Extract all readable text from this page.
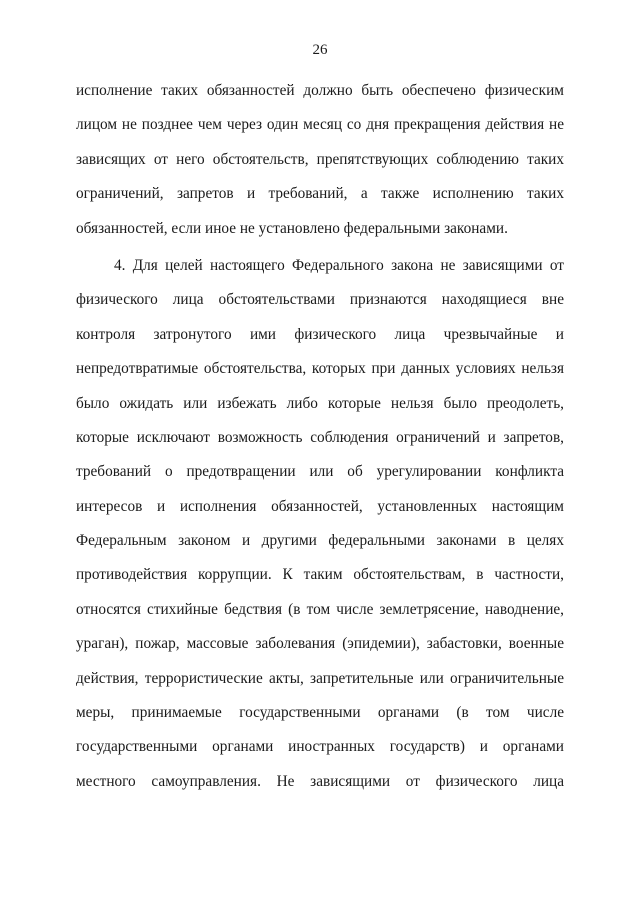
26
исполнение таких обязанностей должно быть обеспечено физическим
лицом не позднее чем через один месяц со дня прекращения действия не
зависящих от него обстоятельств, препятствующих соблюдению таких
ограничений, запретов и требований, а также исполнению таких
обязанностей, если иное не установлено федеральными законами.
4. Для целей настоящего Федерального закона не зависящими от
физического лица обстоятельствами признаются находящиеся вне
контроля затронутого ими физического лица чрезвычайные и
непредотвратимые обстоятельства, которых при данных условиях нельзя
было ожидать или избежать либо которые нельзя было преодолеть,
которые исключают возможность соблюдения ограничений и запретов,
требований о предотвращении или об урегулировании конфликта
интересов и исполнения обязанностей, установленных настоящим
Федеральным законом и другими федеральными законами в целях
противодействия коррупции. К таким обстоятельствам, в частности,
относятся стихийные бедствия (в том числе землетрясение, наводнение,
ураган), пожар, массовые заболевания (эпидемии), забастовки, военные
действия, террористические акты, запретительные или ограничительные
меры, принимаемые государственными органами (в том числе
государственными органами иностранных государств) и органами
местного самоуправления. Не зависящими от физического лица
